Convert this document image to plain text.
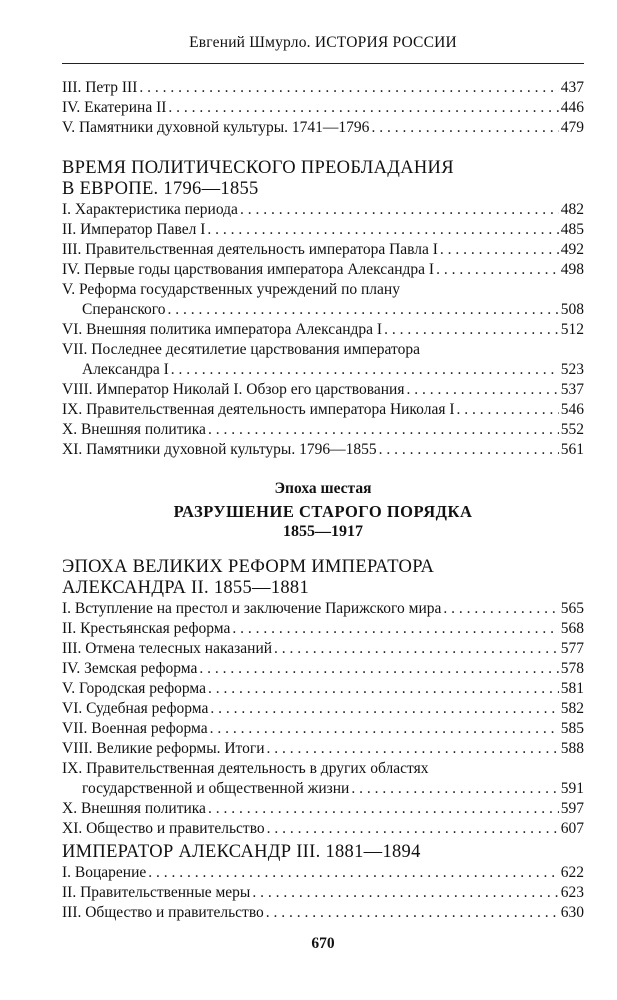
Евгений Шмурло. ИСТОРИЯ РОССИИ
III. Петр III . . .	437
IV. Екатерина II . . .	446
V. Памятники духовной культуры. 1741—1796 . . .	479
ВРЕМЯ ПОЛИТИЧЕСКОГО ПРЕОБЛАДАНИЯ
В ЕВРОПЕ. 1796—1855
I. Характеристика периода . . .	482
II. Император Павел I . . .	485
III. Правительственная деятельность императора Павла I . . .	492
IV. Первые годы царствования императора Александра I . . .	498
V. Реформа государственных учреждений по плану
Сперанского . . .	508
VI. Внешняя политика императора Александра I . . .	512
VII. Последнее десятилетие царствования императора
Александра I . . .	523
VIII. Император Николай I. Обзор его царствования . . .	537
IX. Правительственная деятельность императора Николая I . . .	546
X. Внешняя политика . . .	552
XI. Памятники духовной культуры. 1796—1855 . . .	561
Эпоха шестая
РАЗРУШЕНИЕ СТАРОГО ПОРЯДКА
1855—1917
ЭПОХА ВЕЛИКИХ РЕФОРМ ИМПЕРАТОРА
АЛЕКСАНДРА II. 1855—1881
I. Вступление на престол и заключение Парижского мира . . .	565
II. Крестьянская реформа . . .	568
III. Отмена телесных наказаний . . .	577
IV. Земская реформа . . .	578
V. Городская реформа . . .	581
VI. Судебная реформа . . .	582
VII. Военная реформа . . .	585
VIII. Великие реформы. Итоги . . .	588
IX. Правительственная деятельность в других областях
государственной и общественной жизни . . .	591
X. Внешняя политика . . .	597
XI. Общество и правительство . . .	607
ИМПЕРАТОР АЛЕКСАНДР III. 1881—1894
I. Воцарение . . .	622
II. Правительственные меры . . .	623
III. Общество и правительство . . .	630
670
